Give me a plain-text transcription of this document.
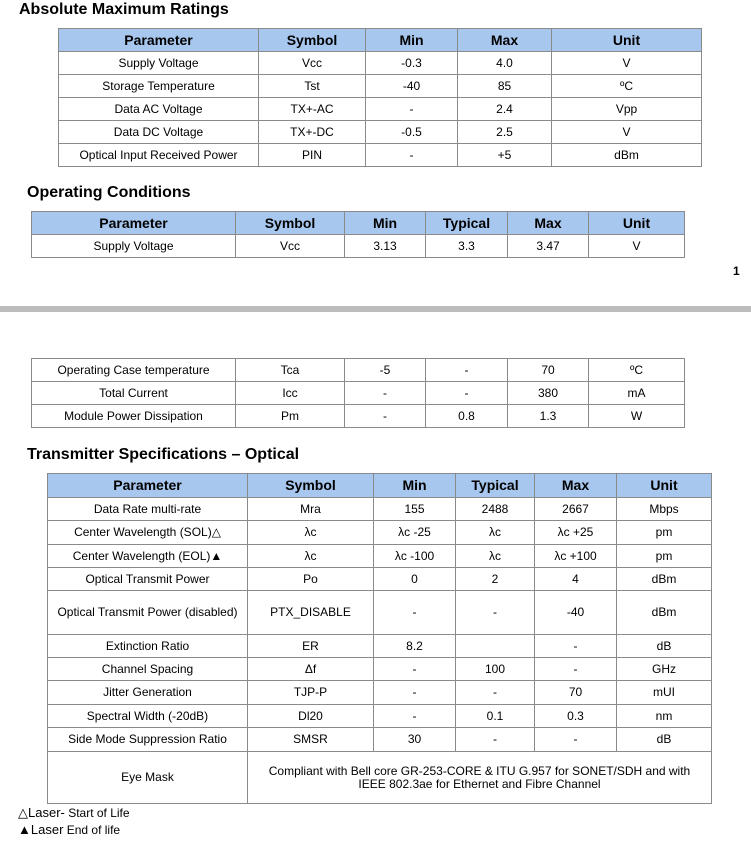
Absolute Maximum Ratings
Parameter	Symbol	Min	Max	Unit
Supply Voltage	Vcc	-0.3	4.0	V
Storage Temperature	Tst	-40	85	ºC
Data AC Voltage	TX+-AC	-	2.4	Vpp
Data DC Voltage	TX+-DC	-0.5	2.5	V
Optical Input Received Power	PIN	-	+5	dBm
Operating Conditions
Parameter	Symbol	Min	Typical	Max	Unit
Supply Voltage	Vcc	3.13	3.3	3.47	V
1
Operating Case temperature	Tca	-5	-	70	ºC
Total Current	Icc	-	-	380	mA
Module Power Dissipation	Pm	-	0.8	1.3	W
Transmitter Specifications – Optical
Parameter	Symbol	Min	Typical	Max	Unit
Data Rate multi-rate	Mra	155	2488	2667	Mbps
Center Wavelength (SOL)△	λc	λc -25	λc	λc +25	pm
Center Wavelength (EOL)▲	λc	λc -100	λc	λc +100	pm
Optical Transmit Power	Po	0	2	4	dBm
Optical Transmit Power (disabled)	PTX_DISABLE	-	-	-40	dBm
Extinction Ratio	ER	8.2		-	dB
Channel Spacing	Δf	-	100	-	GHz
Jitter Generation	TJP-P	-	-	70	mUI
Spectral Width (-20dB)	Dl20	-	0.1	0.3	nm
Side Mode Suppression Ratio	SMSR	30	-	-	dB
Eye Mask	Compliant with Bell core GR-253-CORE & ITU G.957 for SONET/SDH and with IEEE 802.3ae for Ethernet and Fibre Channel				
△Laser- Start of Life
▲Laser End of life
